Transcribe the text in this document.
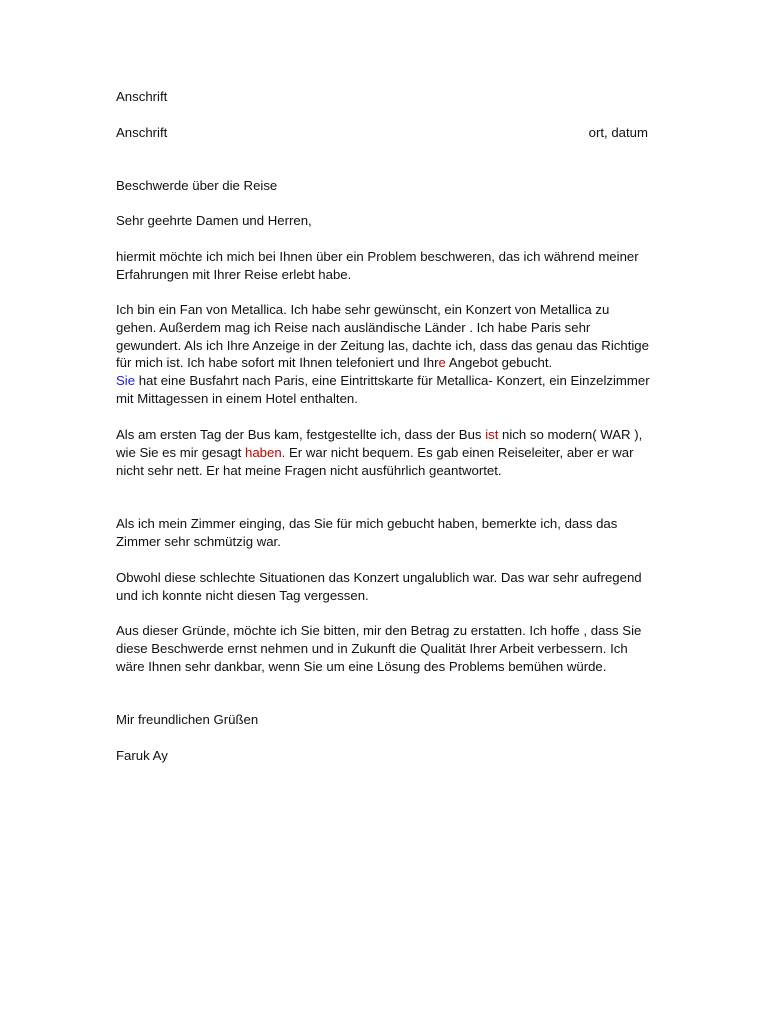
Anschrift

Anschrift	ort, datum

Beschwerde über die Reise

Sehr geehrte Damen und Herren,

hiermit möchte ich mich bei Ihnen über ein Problem beschweren, das ich während meiner Erfahrungen mit Ihrer Reise erlebt habe.

Ich bin ein Fan von Metallica. Ich habe sehr gewünscht, ein Konzert von Metallica zu gehen. Außerdem mag ich Reise nach ausländische Länder . Ich habe Paris sehr gewundert. Als ich Ihre Anzeige in der Zeitung las, dachte ich, dass das genau das Richtige für mich ist. Ich habe sofort mit Ihnen telefoniert und Ihre Angebot gebucht.
Sie hat eine Busfahrt nach Paris, eine Eintrittskarte für Metallica- Konzert, ein Einzelzimmer mit Mittagessen in einem Hotel enthalten.

Als am ersten Tag der Bus kam, festgestellte ich, dass der Bus ist nich so modern( WAR ), wie Sie es mir gesagt haben. Er war nicht bequem. Es gab einen Reiseleiter, aber er war nicht sehr nett. Er hat meine Fragen nicht ausführlich geantwortet.

Als ich mein Zimmer einging, das Sie für mich gebucht haben, bemerkte ich, dass das Zimmer sehr schmützig war.

Obwohl diese schlechte Situationen das Konzert ungalublich war. Das war sehr aufregend und ich konnte nicht diesen Tag vergessen.

Aus dieser Gründe, möchte ich Sie bitten, mir den Betrag zu erstatten. Ich hoffe , dass Sie diese Beschwerde ernst nehmen und in Zukunft die Qualität Ihrer Arbeit verbessern. Ich wäre Ihnen sehr dankbar, wenn Sie um eine Lösung des Problems bemühen würde.

Mir freundlichen Grüßen

Faruk Ay
